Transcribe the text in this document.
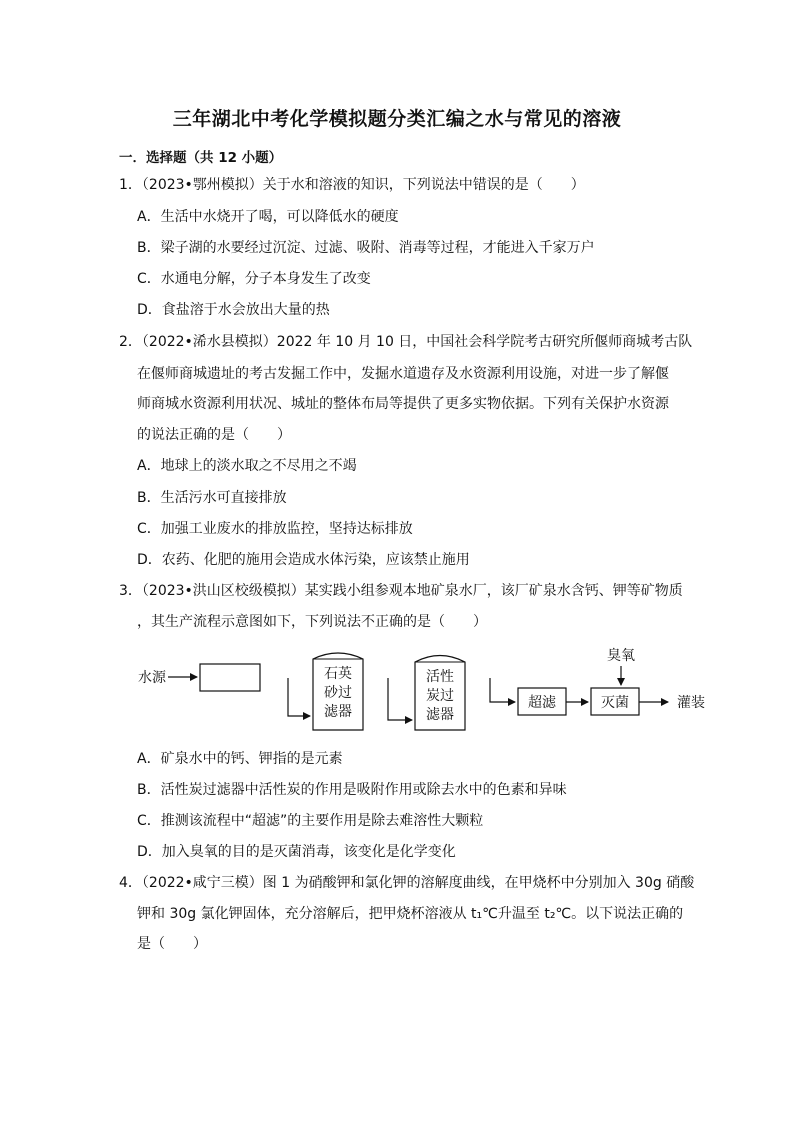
三年湖北中考化学模拟题分类汇编之水与常见的溶液
一．选择题（共 12 小题）
1．（2023•鄂州模拟）关于水和溶液的知识，下列说法中错误的是（　　）
A．生活中水烧开了喝，可以降低水的硬度
B．梁子湖的水要经过沉淀、过滤、吸附、消毒等过程，才能进入千家万户
C．水通电分解，分子本身发生了改变
D．食盐溶于水会放出大量的热
2．（2022•浠水县模拟）2022 年 10 月 10 日，中国社会科学院考古研究所偃师商城考古队
在偃师商城遗址的考古发掘工作中，发掘水道遗存及水资源利用设施，对进一步了解偃
师商城水资源利用状况、城址的整体布局等提供了更多实物依据。下列有关保护水资源
的说法正确的是（　　）
A．地球上的淡水取之不尽用之不竭
B．生活污水可直接排放
C．加强工业废水的排放监控，坚持达标排放
D．农药、化肥的施用会造成水体污染，应该禁止施用
3．（2023•洪山区校级模拟）某实践小组参观本地矿泉水厂，该厂矿泉水含钙、钾等矿物质
，其生产流程示意图如下，下列说法不正确的是（　　）
水源	石英
砂过
滤器
活性
炭过
滤器
超滤	灭菌
臭氧
灌装
A．矿泉水中的钙、钾指的是元素
B．活性炭过滤器中活性炭的作用是吸附作用或除去水中的色素和异味
C．推测该流程中“超滤”的主要作用是除去难溶性大颗粒
D．加入臭氧的目的是灭菌消毒，该变化是化学变化
4．（2022•咸宁三模）图 1 为硝酸钾和氯化钾的溶解度曲线，在甲烧杯中分别加入 30g 硝酸
钾和 30g 氯化钾固体，充分溶解后，把甲烧杯溶液从 t₁℃升温至 t₂℃。以下说法正确的
是（　　）
